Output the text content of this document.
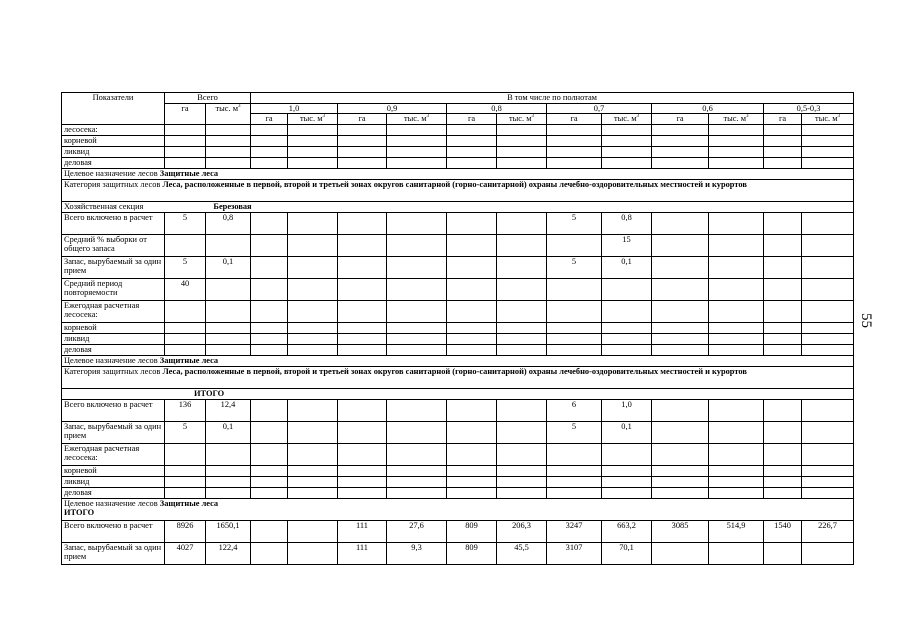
55
Показатели	Всего		В том числе по полнотам											
	га	тыс. $м^3$	1,0		0,9		0,8		0,7		0,6		0,5-0,3	
			га	тыс. $м^3$	га	тыс. $м^3$	га	тыс. $м^3$	га	тыс. $м^3$	га	тыс. $м^3$	га	тыс. $м^3$
лесосека:														
корневой														
ликвид														
деловая														
Целевое назначение лесов Защитные леса														
Категория защитных лесов Леса, расположенные в первой, второй и третьей зонах округов санитарной (горно-санитарной) охраны лечебно-оздоровительных местностей и курортов														
Хозяйственная секция Березовая														
Всего включено в расчет	5	0,8							5	0,8				
Средний % выборки от общего запаса										15				
Запас, вырубаемый за один прием	5	0,1							5	0,1				
Средний период повторяемости	40													
Ежегодная расчетная лесосека:														
корневой														
ликвид														
деловая														
Целевое назначение лесов Защитные леса														
Категория защитных лесов Леса, расположенные в первой, второй и третьей зонах округов санитарной (горно-санитарной) охраны лечебно-оздоровительных местностей и курортов														
ИТОГО														
Всего включено в расчет	136	12,4							6	1,0				
Запас, вырубаемый за один прием	5	0,1							5	0,1				
Ежегодная расчетная лесосека:														
корневой														
ликвид														
деловая														
Целевое назначение лесов Защитные леса
ИТОГО														
Всего включено в расчет	8926	1650,1			111	27,6	809	206,3	3247	663,2	3085	514,9	1540	226,7
Запас, вырубаемый за один прием	4027	122,4			111	9,3	809	45,5	3107	70,1				
